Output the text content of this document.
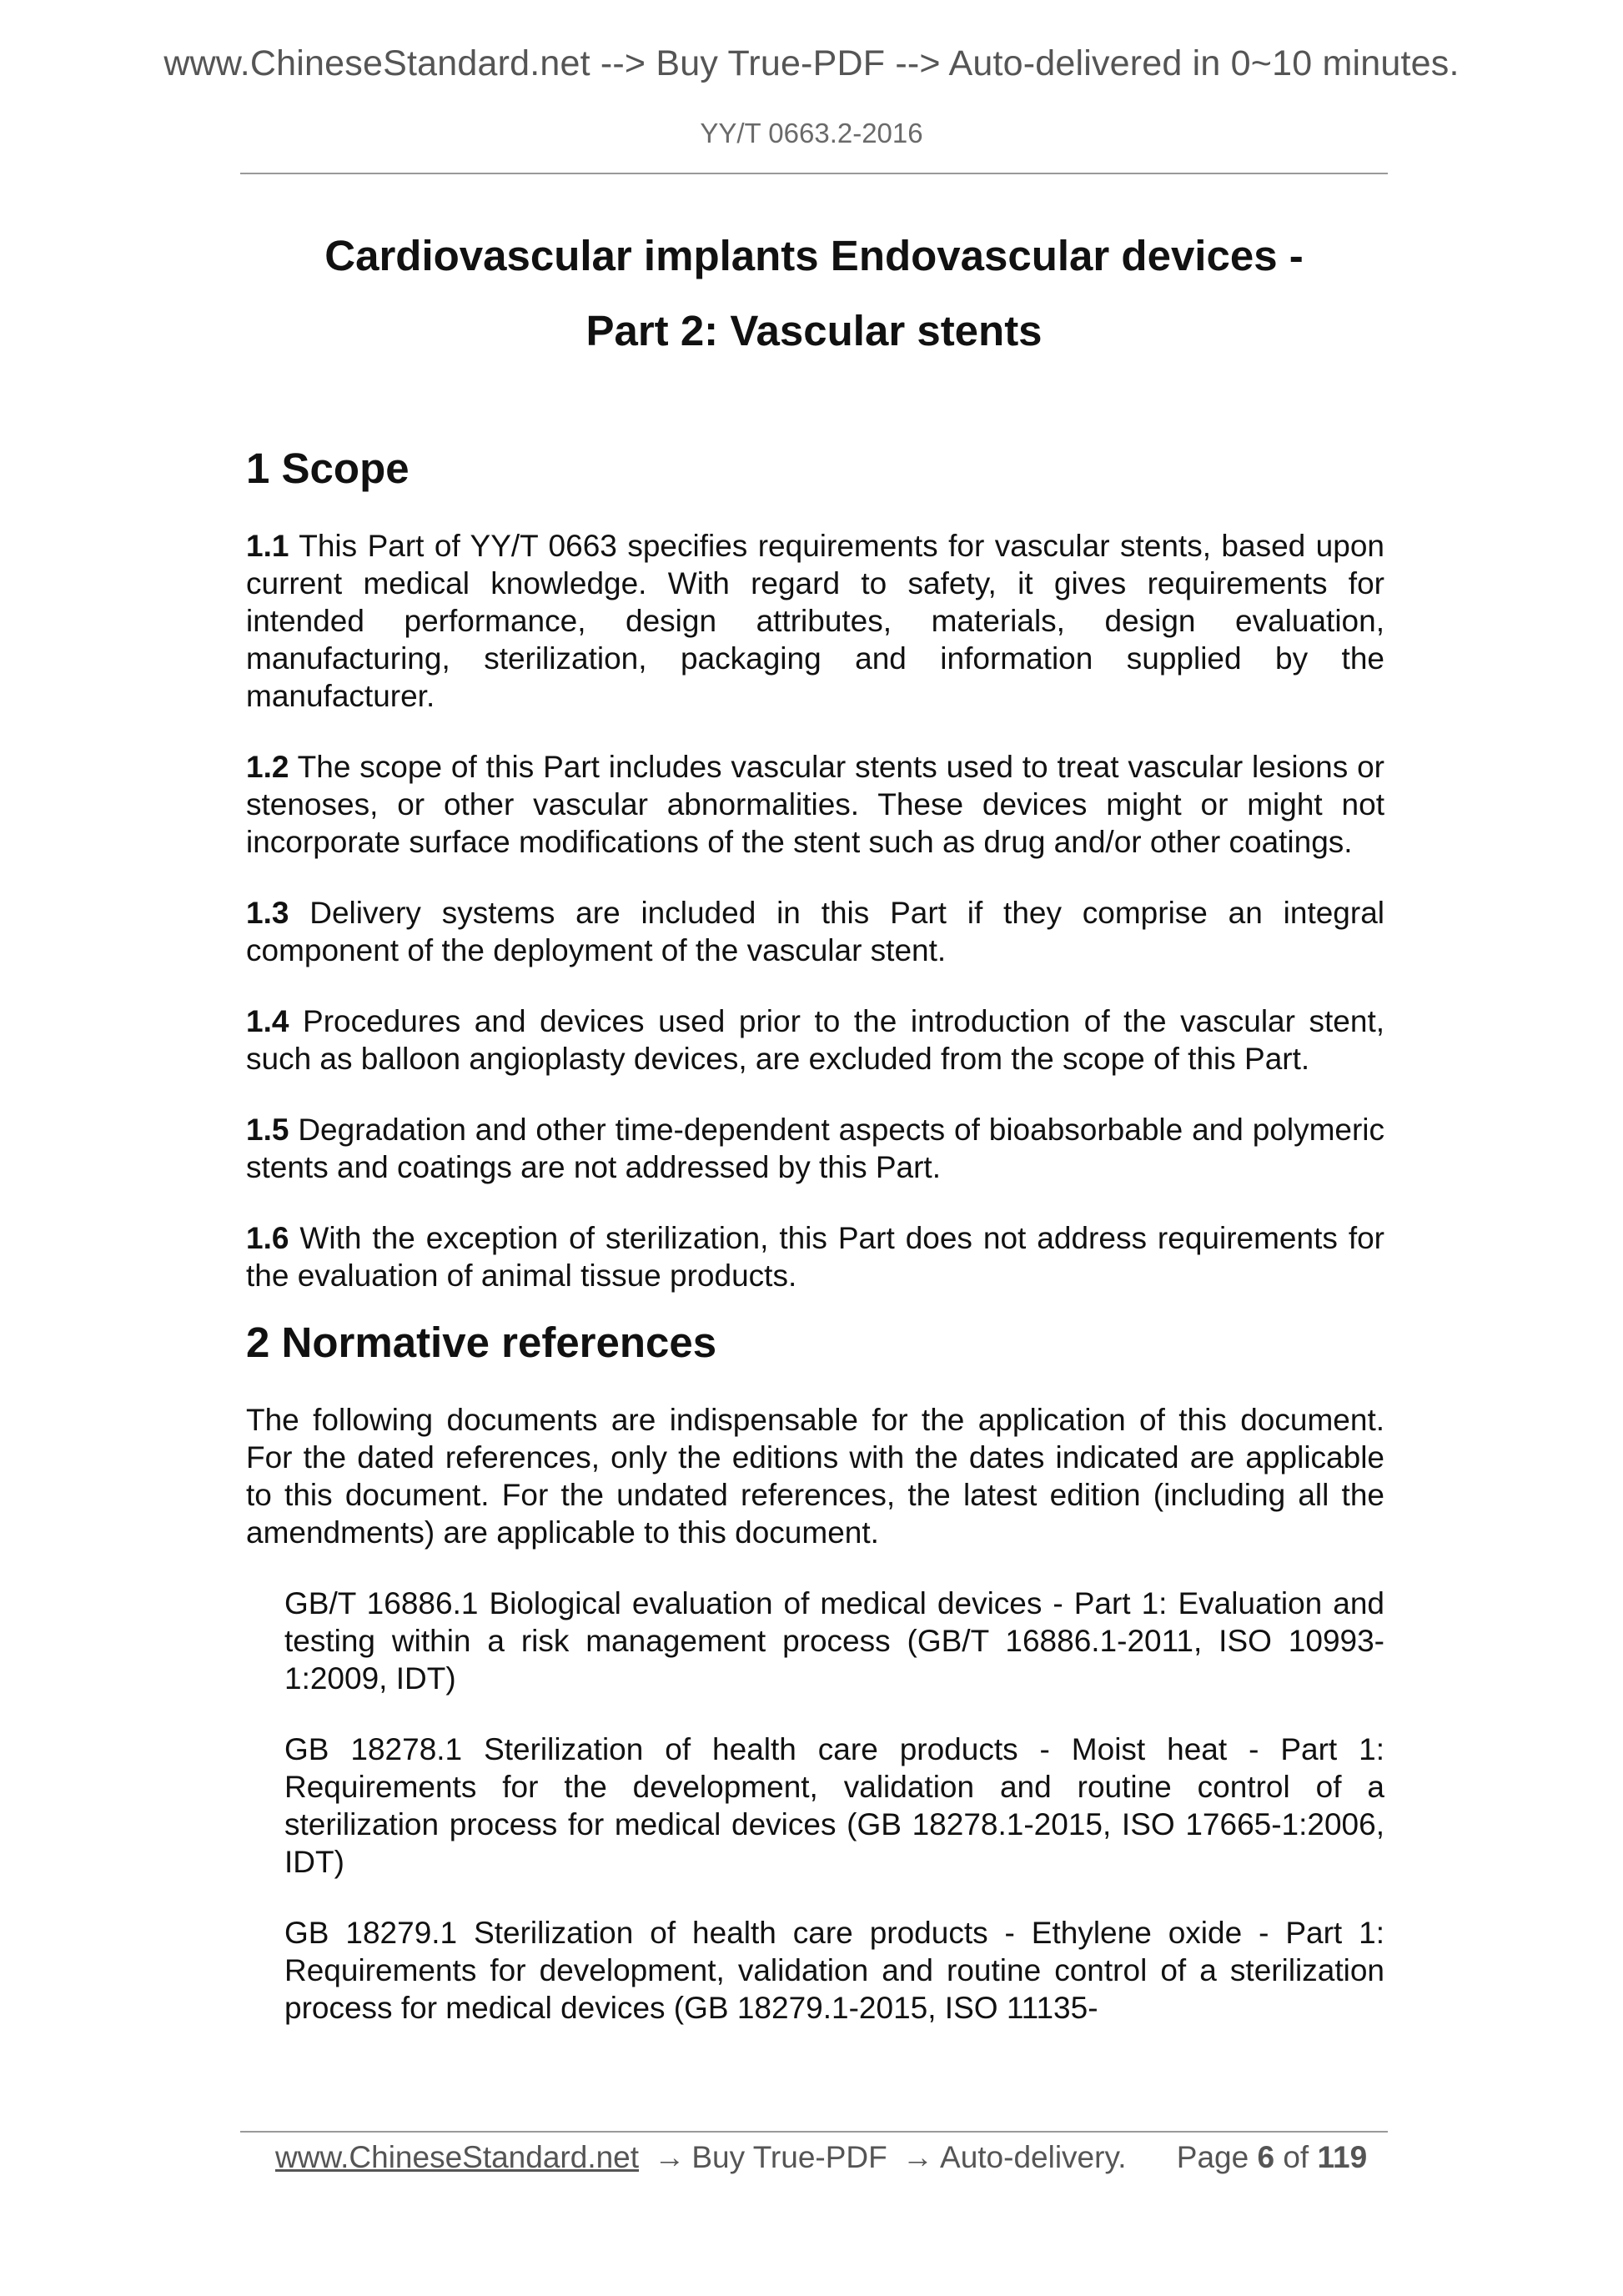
www.ChineseStandard.net --> Buy True-PDF --> Auto-delivered in 0~10 minutes.
YY/T 0663.2-2016
Cardiovascular implants Endovascular devices -
Part 2: Vascular stents
1 Scope

1.1 This Part of YY/T 0663 specifies requirements for vascular stents, based upon current medical knowledge. With regard to safety, it gives requirements for intended performance, design attributes, materials, design evaluation, manufacturing, sterilization, packaging and information supplied by the manufacturer.

1.2 The scope of this Part includes vascular stents used to treat vascular lesions or stenoses, or other vascular abnormalities. These devices might or might not incorporate surface modifications of the stent such as drug and/or other coatings.

1.3 Delivery systems are included in this Part if they comprise an integral component of the deployment of the vascular stent.

1.4 Procedures and devices used prior to the introduction of the vascular stent, such as balloon angioplasty devices, are excluded from the scope of this Part.

1.5 Degradation and other time-dependent aspects of bioabsorbable and polymeric stents and coatings are not addressed by this Part.

1.6 With the exception of sterilization, this Part does not address requirements for the evaluation of animal tissue products.

2 Normative references

The following documents are indispensable for the application of this document. For the dated references, only the editions with the dates indicated are applicable to this document. For the undated references, the latest edition (including all the amendments) are applicable to this document.

GB/T 16886.1 Biological evaluation of medical devices - Part 1: Evaluation and testing within a risk management process (GB/T 16886.1-2011, ISO 10993-1:2009, IDT)

GB 18278.1 Sterilization of health care products - Moist heat - Part 1: Requirements for the development, validation and routine control of a sterilization process for medical devices (GB 18278.1-2015, ISO 17665-1:2006, IDT)

GB 18279.1 Sterilization of health care products - Ethylene oxide - Part 1: Requirements for development, validation and routine control of a sterilization process for medical devices (GB 18279.1-2015, ISO 11135-

www.ChineseStandard.net → Buy True-PDF → Auto-delivery. Page 6 of 119
